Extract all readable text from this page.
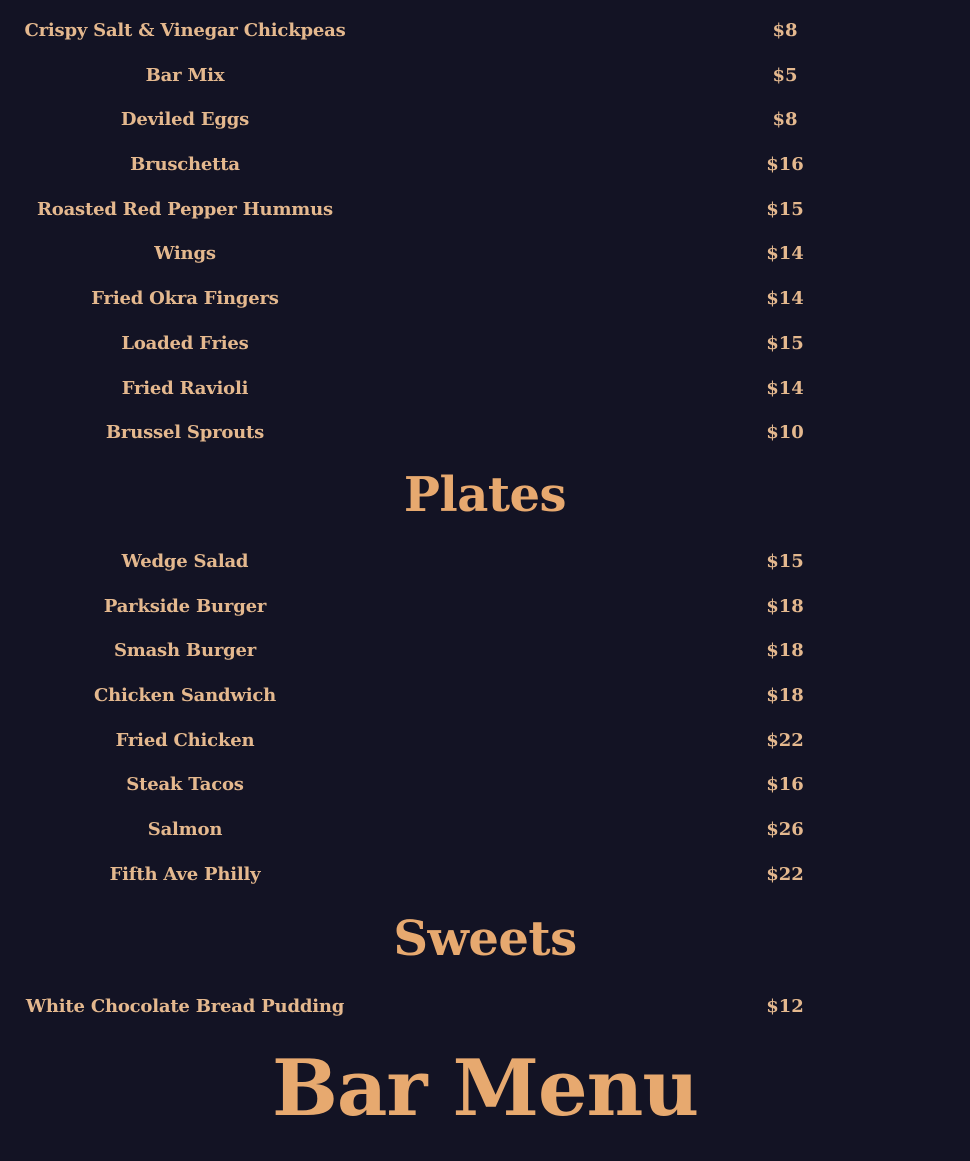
Crispy Salt & Vinegar Chickpeas	$8
Bar Mix	$5
Deviled Eggs	$8
Bruschetta	$16
Roasted Red Pepper Hummus	$15
Wings	$14
Fried Okra Fingers	$14
Loaded Fries	$15
Fried Ravioli	$14
Brussel Sprouts	$10
Plates
Wedge Salad	$15
Parkside Burger	$18
Smash Burger	$18
Chicken Sandwich	$18
Fried Chicken	$22
Steak Tacos	$16
Salmon	$26
Fifth Ave Philly	$22
Sweets
White Chocolate Bread Pudding	$12
Bar Menu
